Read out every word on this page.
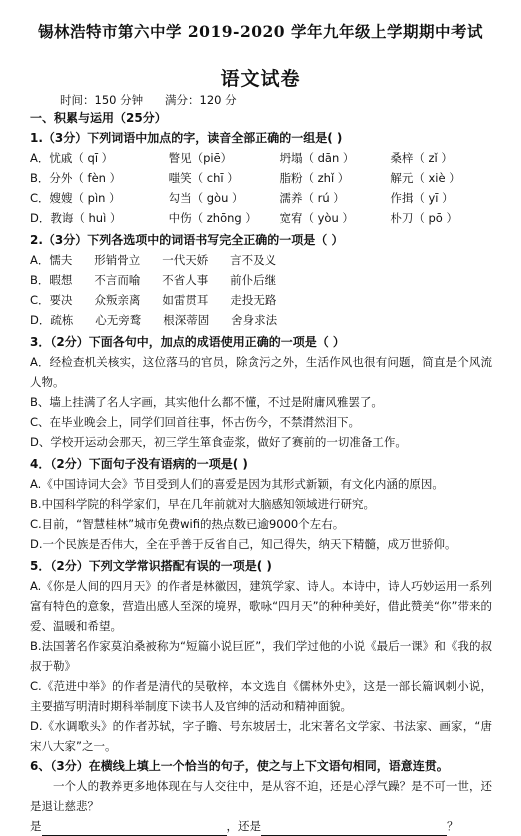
锡林浩特市第六中学 2019-2020 学年九年级上学期期中考试
语文试卷
时间：150 分钟      满分：120 分
一、积累与运用（25分）
1.（3分）下列词语中加点的字，读音全部正确的一组是( )
A．忧戚（ qī ）	瞥见（piē）	坍塌（ dān ）	桑梓（ zǐ ）
B．分外（ fèn ）	嗤笑（ chī ）	脂粉（ zhǐ ）	解元（ xiè ）
C．嫂嫂（ pìn ）	勾当（ gòu ）	濡养（ rú ）	作揖（ yī ）
D．教诲（ huì ）	中伤（ zhōng ）	宽宥（ yòu ）	朴刀（ pō ）
2.（3分）下列各选项中的词语书写完全正确的一项是（ ）
A．懦夫      形销骨立      一代天娇      言不及义
B．暇想      不言而喻      不省人事      前仆后继
C．要决      众叛亲离      如雷贯耳      走投无路
D．疏栋      心无旁鹜      根深蒂固      舍身求法
3．（2分）下面各句中，加点的成语使用正确的一项是（ ）
A．经检查机关核实，这位落马的官员，除贪污之外，生活作风也很有问题，简直是个风流人物。
B、墙上挂满了名人字画，其实他什么都不懂，不过是附庸风雅罢了。
C、在毕业晚会上，同学们回首往事，怀古伤今，不禁潸然泪下。
D、学校开运动会那天，初三学生箪食壶浆，做好了赛前的一切准备工作。
4．（2分）下面句子没有语病的一项是( )
A.《中国诗词大会》节目受到人们的喜爱是因为其形式新颖，有文化内涵的原因。
B.中国科学院的科学家们，早在几年前就对大脑感知领域进行研究。
C.目前，“智慧桂林”城市免费wifi的热点数已逾9000个左右。
D.一个民族是否伟大，全在乎善于反省自己，知己得失，纳天下精髓，成万世骄仰。
5．（2分）下列文学常识搭配有误的一项是( )
A.《你是人间的四月天》的作者是林徽因，建筑学家、诗人。本诗中，诗人巧妙运用一系列富有特色的意象，营造出感人至深的境界，歌咏“四月天”的种种美好，借此赞美“你”带来的爱、温暖和希望。
B.法国著名作家莫泊桑被称为“短篇小说巨匠”，我们学过他的小说《最后一课》和《我的叔叔于勒》
C.《范进中举》的作者是清代的吴敬梓，本文选自《儒林外史》，这是一部长篇讽刺小说，主要描写明清时期科举制度下读书人及官绅的活动和精神面貌。
D.《水调歌头》的作者苏轼，字子瞻、号东坡居士，北宋著名文学家、书法家、画家，“唐宋八大家”之一。
6、（3分）在横线上填上一个恰当的句子，使之与上下文语句相同，语意连贯。
一个人的教养更多地体现在与人交往中，是从容不迫，还是心浮气躁？是不可一世，还是退让慈悲？
是	，还是	？
